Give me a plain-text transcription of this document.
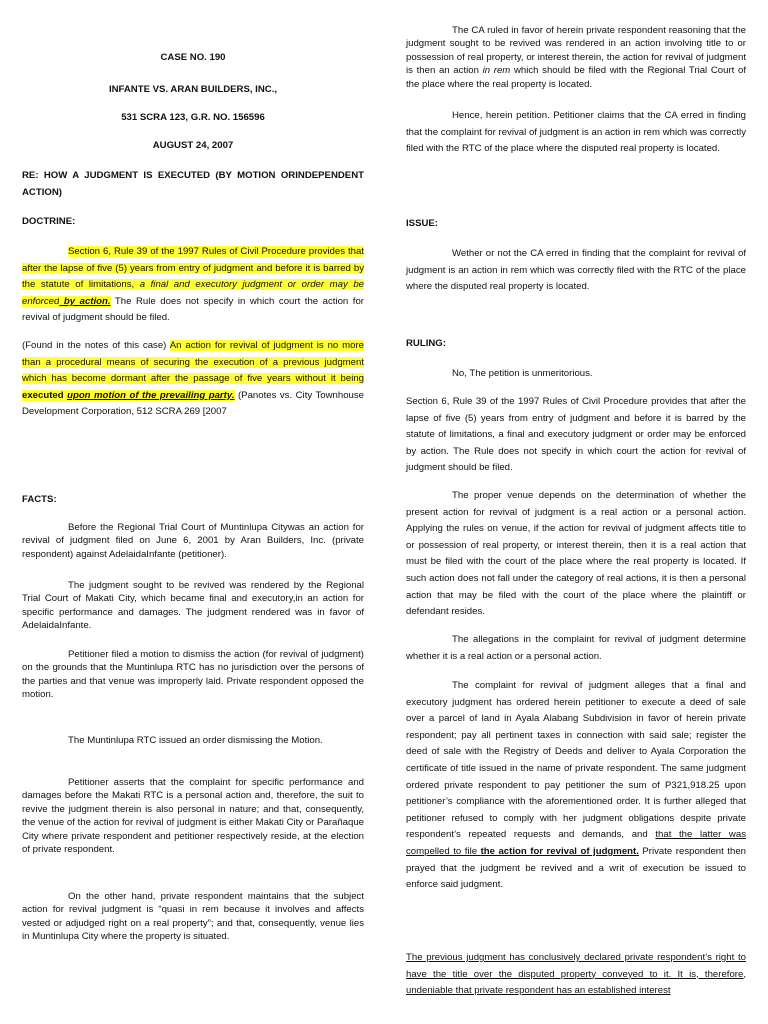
CASE NO. 190

INFANTE VS. ARAN BUILDERS, INC.,

531 SCRA 123, G.R. NO. 156596

AUGUST 24, 2007

RE: HOW A JUDGMENT IS EXECUTED (BY MOTION ORINDEPENDENT ACTION)

DOCTRINE:

Section 6, Rule 39 of the 1997 Rules of Civil Procedure provides that after the lapse of five (5) years from entry of judgment and before it is barred by the statute of limitations, a final and executory judgment or order may be enforced by action. The Rule does not specify in which court the action for revival of judgment should be filed.

(Found in the notes of this case) An action for revival of judgment is no more than a procedural means of securing the execution of a previous judgment which has become dormant after the passage of five years without it being executed upon motion of the prevailing party. (Panotes vs. City Townhouse Development Corporation, 512 SCRA 269 [2007

FACTS:

Before the Regional Trial Court of Muntinlupa Citywas an action for revival of judgment filed on June 6, 2001 by Aran Builders, Inc. (private respondent) against AdelaidaInfante (petitioner).

The judgment sought to be revived was rendered by the Regional Trial Court of Makati City, which became final and executory,in an action for specific performance and damages. The judgment rendered was in favor of AdelaidaInfante.

Petitioner filed a motion to dismiss the action (for revival of judgment) on the grounds that the Muntinlupa RTC has no jurisdiction over the persons of the parties and that venue was improperly laid. Private respondent opposed the motion.

The Muntinlupa RTC issued an order dismissing the Motion.

Petitioner asserts that the complaint for specific performance and damages before the Makati RTC is a personal action and, therefore, the suit to revive the judgment therein is also personal in nature; and that, consequently, the venue of the action for revival of judgment is either Makati City or Parañaque City where private respondent and petitioner respectively reside, at the election of private respondent.

On the other hand, private respondent maintains that the subject action for revival judgment is “quasi in rem because it involves and affects vested or adjudged right on a real property”; and that, consequently, venue lies in Muntinlupa City where the property is situated.

The CA ruled in favor of herein private respondent reasoning that the judgment sought to be revived was rendered in an action involving title to or possession of real property, or interest therein, the action for revival of judgment is then an action in rem which should be filed with the Regional Trial Court of the place where the real property is located.

Hence, herein petition. Petitioner claims that the CA erred in finding that the complaint for revival of judgment is an action in rem which was correctly filed with the RTC of the place where the disputed real property is located.

ISSUE:

Wether or not the CA erred in finding that the complaint for revival of judgment is an action in rem which was correctly filed with the RTC of the place where the disputed real property is located.

RULING:

No, The petition is unmeritorious.

Section 6, Rule 39 of the 1997 Rules of Civil Procedure provides that after the lapse of five (5) years from entry of judgment and before it is barred by the statute of limitations, a final and executory judgment or order may be enforced by action. The Rule does not specify in which court the action for revival of judgment should be filed.

The proper venue depends on the determination of whether the present action for revival of judgment is a real action or a personal action. Applying the rules on venue, if the action for revival of judgment affects title to or possession of real property, or interest therein, then it is a real action that must be filed with the court of the place where the real property is located. If such action does not fall under the category of real actions, it is then a personal action that may be filed with the court of the place where the plaintiff or defendant resides.

The allegations in the complaint for revival of judgment determine whether it is a real action or a personal action.

The complaint for revival of judgment alleges that a final and executory judgment has ordered herein petitioner to execute a deed of sale over a parcel of land in Ayala Alabang Subdivision in favor of herein private respondent; pay all pertinent taxes in connection with said sale; register the deed of sale with the Registry of Deeds and deliver to Ayala Corporation the certificate of title issued in the name of private respondent. The same judgment ordered private respondent to pay petitioner the sum of P321,918.25 upon petitioner’s compliance with the aforementioned order. It is further alleged that petitioner refused to comply with her judgment obligations despite private respondent’s repeated requests and demands, and that the latter was compelled to file the action for revival of judgment. Private respondent then prayed that the judgment be revived and a writ of execution be issued to enforce said judgment.

The previous judgment has conclusively declared private respondent’s right to have the title over the disputed property conveyed to it. It is, therefore, undeniable that private respondent has an established interest
